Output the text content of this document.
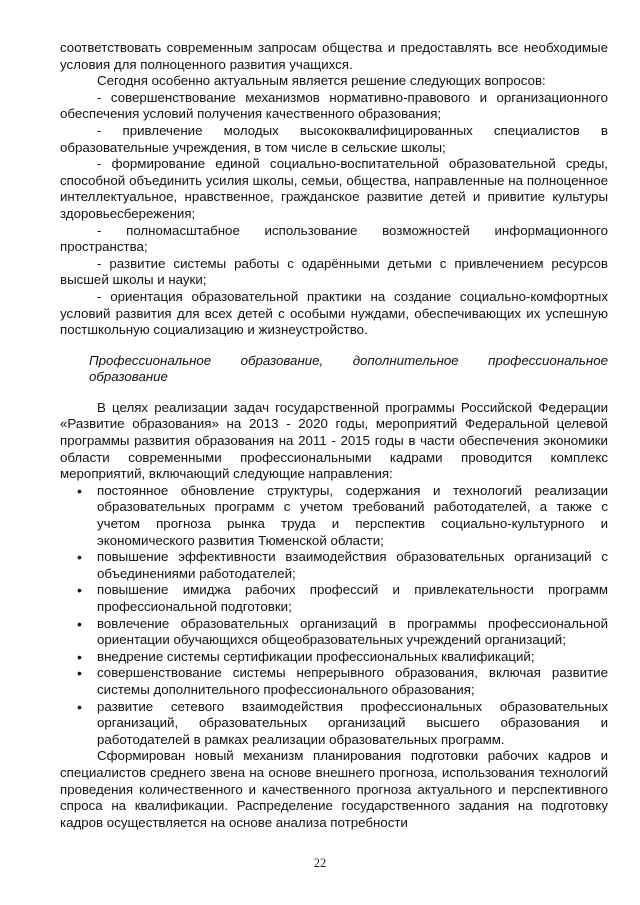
соответствовать современным запросам общества и предоставлять все необходимые условия для полноценного развития учащихся.

Сегодня особенно актуальным является решение следующих вопросов:

- совершенствование механизмов нормативно-правового и организационного обеспечения условий получения качественного образования;

- привлечение молодых высококвалифицированных специалистов в образовательные учреждения, в том числе в сельские школы;

- формирование единой социально-воспитательной образовательной среды, способной объединить усилия школы, семьи, общества, направленные на полноценное интеллектуальное, нравственное, гражданское развитие детей и привитие культуры здоровьесбережения;

- полномасштабное использование возможностей информационного пространства;

- развитие системы работы с одарёнными детьми с привлечением ресурсов высшей школы и науки;

- ориентация образовательной практики на создание социально-комфортных условий развития для всех детей с особыми нуждами, обеспечивающих их успешную постшкольную социализацию и жизнеустройство.

Профессиональное образование, дополнительное профессиональное образование

В целях реализации задач государственной программы Российской Федерации «Развитие образования» на 2013 - 2020 годы, мероприятий Федеральной целевой программы развития образования на 2011 - 2015 годы в части обеспечения экономики области современными профессиональными кадрами проводится комплекс мероприятий, включающий следующие направления:

• постоянное обновление структуры, содержания и технологий реализации образовательных программ с учетом требований работодателей, а также с учетом прогноза рынка труда и перспектив социально-культурного и экономического развития Тюменской области;
• повышение эффективности взаимодействия образовательных организаций с объединениями работодателей;
• повышение имиджа рабочих профессий и привлекательности программ профессиональной подготовки;
• вовлечение образовательных организаций в программы профессиональной ориентации обучающихся общеобразовательных учреждений организаций;
• внедрение системы сертификации профессиональных квалификаций;
• совершенствование системы непрерывного образования, включая развитие системы дополнительного профессионального образования;
• развитие сетевого взаимодействия профессиональных образовательных организаций, образовательных организаций высшего образования и работодателей в рамках реализации образовательных программ.

Сформирован новый механизм планирования подготовки рабочих кадров и специалистов среднего звена на основе внешнего прогноза, использования технологий проведения количественного и качественного прогноза актуального и перспективного спроса на квалификации. Распределение государственного задания на подготовку кадров осуществляется на основе анализа потребности

22
